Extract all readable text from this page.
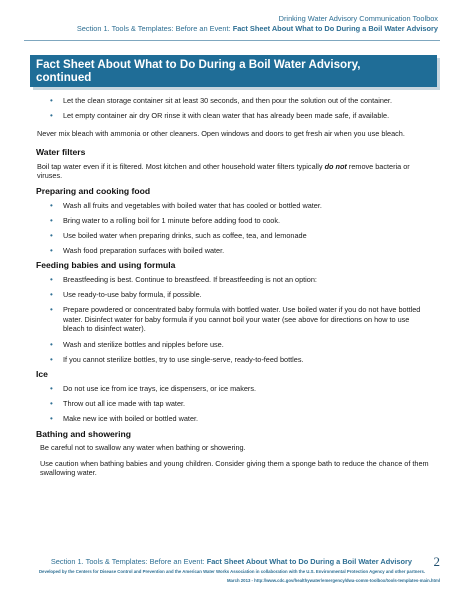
Drinking Water Advisory Communication Toolbox
Section 1. Tools & Templates: Before an Event: Fact Sheet About What to Do During a Boil Water Advisory
Fact Sheet About What to Do During a Boil Water Advisory,
continued
• Let the clean storage container sit at least 30 seconds, and then pour the solution out of the container.
• Let empty container air dry OR rinse it with clean water that has already been made safe, if available.
Never mix bleach with ammonia or other cleaners. Open windows and doors to get fresh air when you use bleach.
Water filters
Boil tap water even if it is filtered. Most kitchen and other household water filters typically do not remove bacteria or viruses.
Preparing and cooking food
• Wash all fruits and vegetables with boiled water that has cooled or bottled water.
• Bring water to a rolling boil for 1 minute before adding food to cook.
• Use boiled water when preparing drinks, such as coffee, tea, and lemonade
• Wash food preparation surfaces with boiled water.
Feeding babies and using formula
• Breastfeeding is best. Continue to breastfeed. If breastfeeding is not an option:
• Use ready-to-use baby formula, if possible.
• Prepare powdered or concentrated baby formula with bottled water. Use boiled water if you do not have bottled water. Disinfect water for baby formula if you cannot boil your water (see above for directions on how to use bleach to disinfect water).
• Wash and sterilize bottles and nipples before use.
• If you cannot sterilize bottles, try to use single-serve, ready-to-feed bottles.
Ice
• Do not use ice from ice trays, ice dispensers, or ice makers.
• Throw out all ice made with tap water.
• Make new ice with boiled or bottled water.
Bathing and showering
Be careful not to swallow any water when bathing or showering.
Use caution when bathing babies and young children. Consider giving them a sponge bath to reduce the chance of them swallowing water.
Section 1. Tools & Templates: Before an Event: Fact Sheet About What to Do During a Boil Water Advisory 2
Developed by the Centers for Disease Control and Prevention and the American Water Works Association in collaboration with the U.S. Environmental Protection Agency and other partners.
March 2013 - http://www.cdc.gov/healthywater/emergency/dwa-comm-toolbox/tools-templates-main.html
